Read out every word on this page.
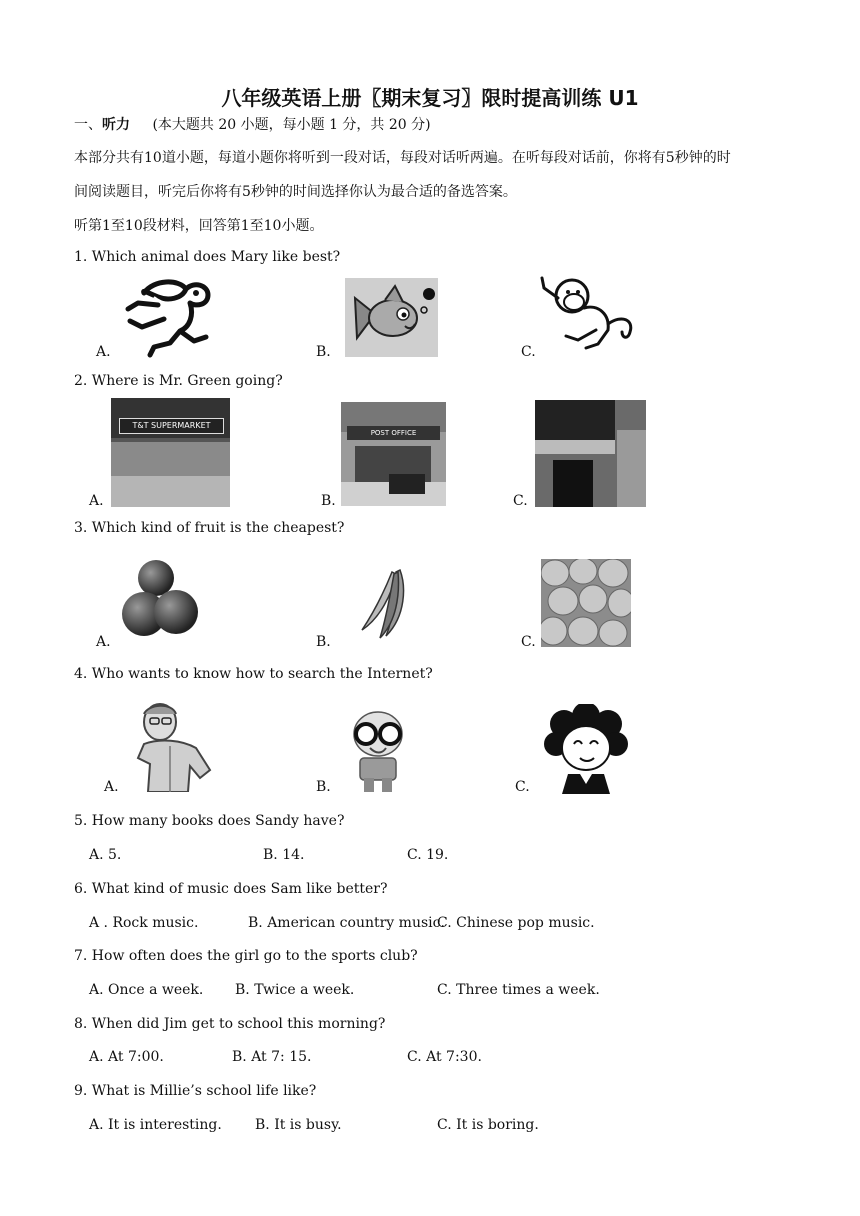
八年级英语上册〖期末复习〗限时提高训练 U1
一、听力 (本大题共 20 小题，每小题 1 分，共 20 分)
本部分共有10道小题，每道小题你将听到一段对话，每段对话听两遍。在听每段对话前，你将有5秒钟的时
间阅读题目，听完后你将有5秒钟的时间选择你认为最合适的备选答案。
听第1至10段材料，回答第1至10小题。
1. Which animal does Mary like best?
A.	B.	C.
2. Where is Mr. Green going?
A.	B.	C.
T&T SUPERMARKET
POST OFFICE
3. Which kind of fruit is the cheapest?
A.	B.	C.
4. Who wants to know how to search the Internet?
A.	B.	C.
5. How many books does Sandy have?
A. 5.	B. 14.	C. 19.
6. What kind of music does Sam like better?
A . Rock music.	B. American country music.
C. Chinese pop music.
7. How often does the girl go to the sports club?
A. Once a week. B. Twice a week.	C. Three times a week.
8. When did Jim get to school this morning?
A. At 7:00.	B. At 7: 15.	C. At 7:30.
9. What is Millie’s school life like?
A. It is interesting. B. It is busy.	C. It is boring.
